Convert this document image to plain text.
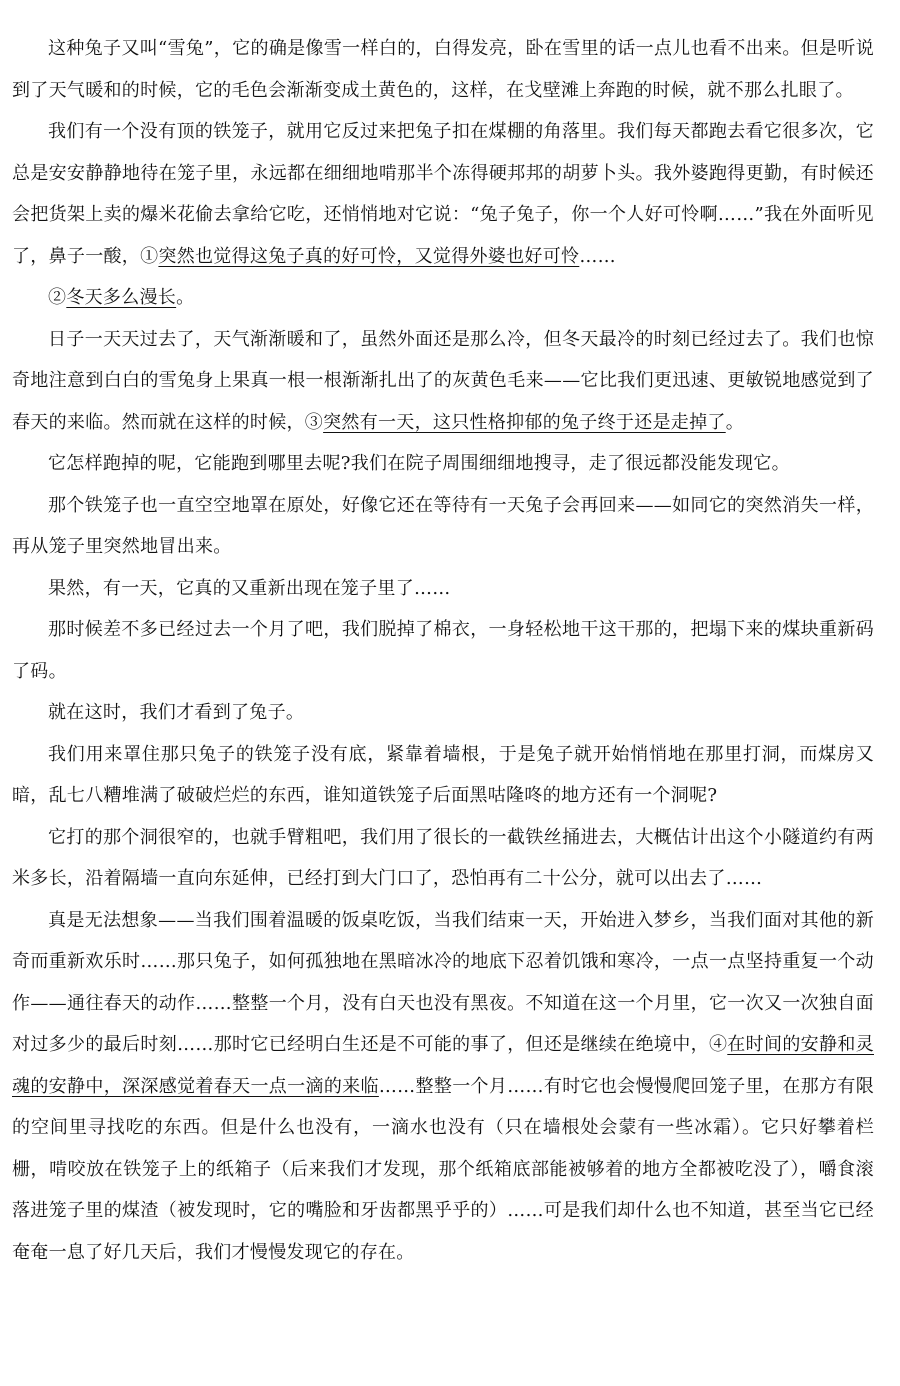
这种兔子又叫“雪兔”，它的确是像雪一样白的，白得发亮，卧在雪里的话一点儿也看不出来。但是听说到了天气暖和的时候，它的毛色会渐渐变成土黄色的，这样，在戈壁滩上奔跑的时候，就不那么扎眼了。

我们有一个没有顶的铁笼子，就用它反过来把兔子扣在煤棚的角落里。我们每天都跑去看它很多次，它总是安安静静地待在笼子里，永远都在细细地啃那半个冻得硬邦邦的胡萝卜头。我外婆跑得更勤，有时候还会把货架上卖的爆米花偷去拿给它吃，还悄悄地对它说：“兔子兔子，你一个人好可怜啊……”我在外面听见了，鼻子一酸，①突然也觉得这兔子真的好可怜，又觉得外婆也好可怜……

②冬天多么漫长。

日子一天天过去了，天气渐渐暖和了，虽然外面还是那么冷，但冬天最冷的时刻已经过去了。我们也惊奇地注意到白白的雪兔身上果真一根一根渐渐扎出了的灰黄色毛来——它比我们更迅速、更敏锐地感觉到了春天的来临。然而就在这样的时候，③突然有一天，这只性格抑郁的兔子终于还是走掉了。

它怎样跑掉的呢，它能跑到哪里去呢?我们在院子周围细细地搜寻，走了很远都没能发现它。

那个铁笼子也一直空空地罩在原处，好像它还在等待有一天兔子会再回来——如同它的突然消失一样，再从笼子里突然地冒出来。

果然，有一天，它真的又重新出现在笼子里了……

那时候差不多已经过去一个月了吧，我们脱掉了棉衣，一身轻松地干这干那的，把塌下来的煤块重新码了码。

就在这时，我们才看到了兔子。

我们用来罩住那只兔子的铁笼子没有底，紧靠着墙根，于是兔子就开始悄悄地在那里打洞，而煤房又暗，乱七八糟堆满了破破烂烂的东西，谁知道铁笼子后面黑咕隆咚的地方还有一个洞呢?

它打的那个洞很窄的，也就手臂粗吧，我们用了很长的一截铁丝捅进去，大概估计出这个小隧道约有两米多长，沿着隔墙一直向东延伸，已经打到大门口了，恐怕再有二十公分，就可以出去了……

真是无法想象——当我们围着温暖的饭桌吃饭，当我们结束一天，开始进入梦乡，当我们面对其他的新奇而重新欢乐时……那只兔子，如何孤独地在黑暗冰冷的地底下忍着饥饿和寒冷，一点一点坚持重复一个动作——通往春天的动作……整整一个月，没有白天也没有黑夜。不知道在这一个月里，它一次又一次独自面对过多少的最后时刻……那时它已经明白生还是不可能的事了，但还是继续在绝境中，④在时间的安静和灵魂的安静中，深深感觉着春天一点一滴的来临……整整一个月……有时它也会慢慢爬回笼子里，在那方有限的空间里寻找吃的东西。但是什么也没有，一滴水也没有（只在墙根处会蒙有一些冰霜）。它只好攀着栏栅，啃咬放在铁笼子上的纸箱子（后来我们才发现，那个纸箱底部能被够着的地方全都被吃没了），嚼食滚落进笼子里的煤渣（被发现时，它的嘴脸和牙齿都黑乎乎的）……可是我们却什么也不知道，甚至当它已经奄奄一息了好几天后，我们才慢慢发现它的存在。
